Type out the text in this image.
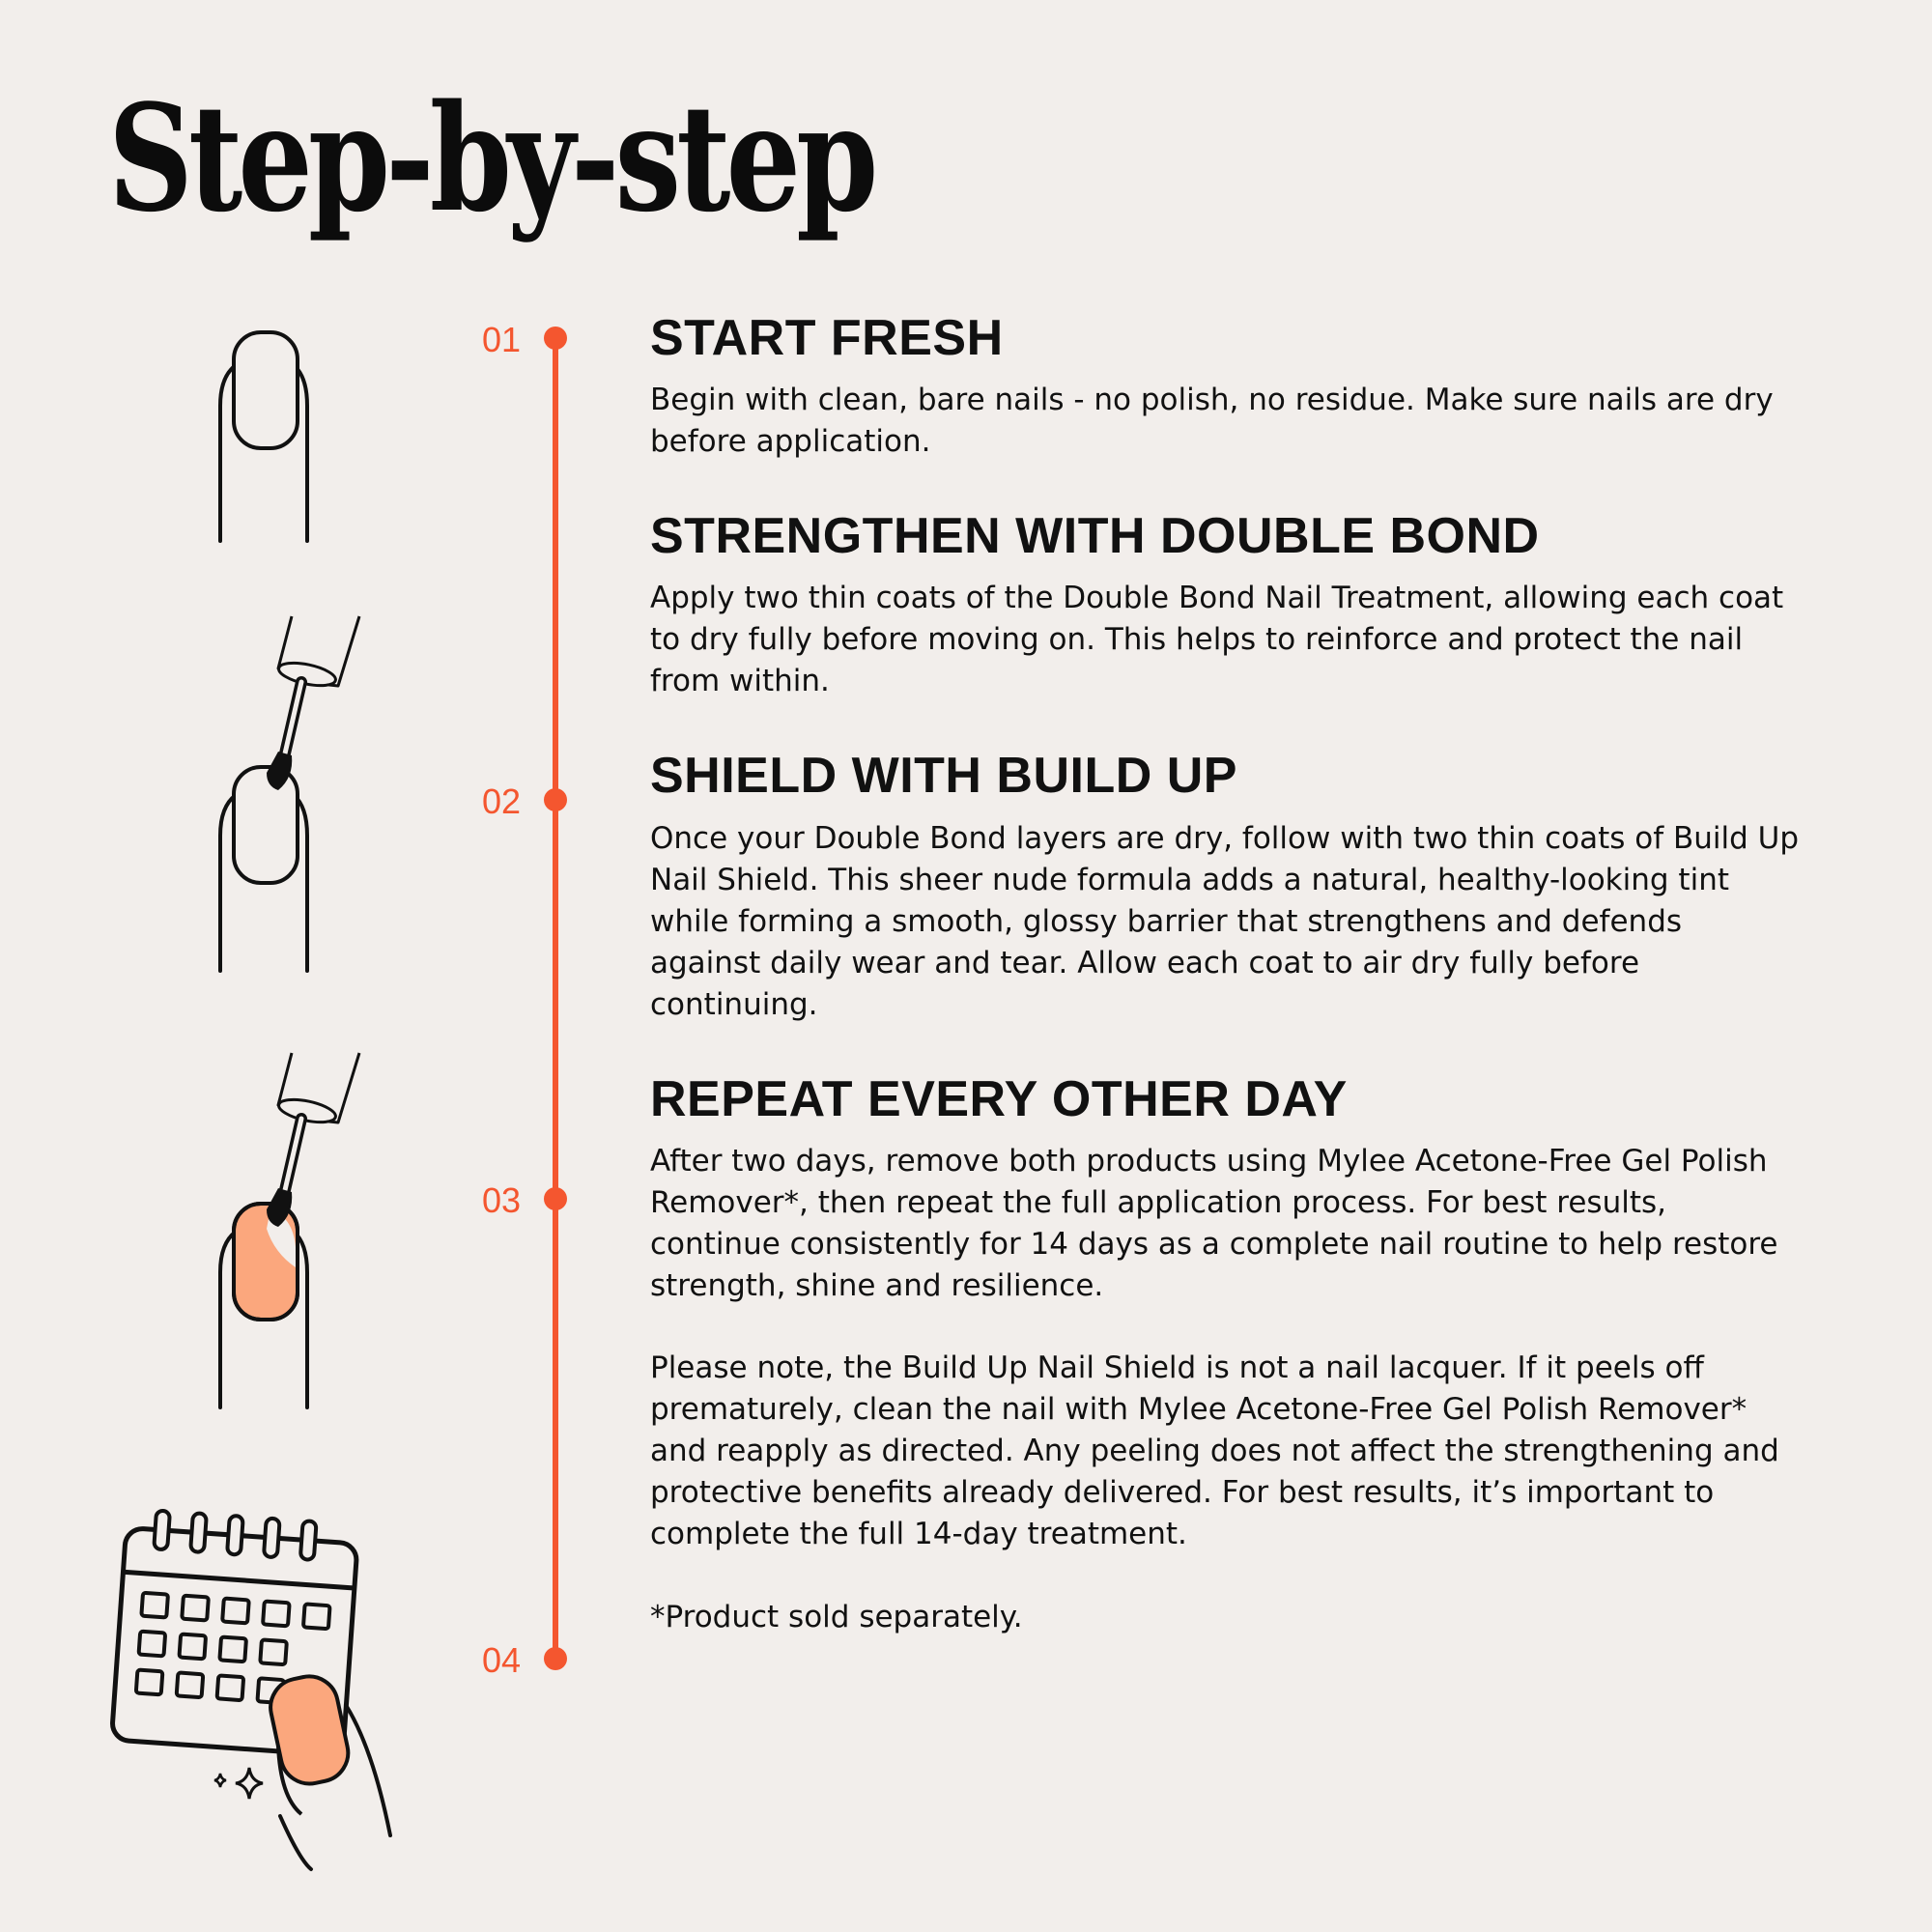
Step-by-step
01
02
03
04
START FRESH

Begin with clean, bare nails - no polish, no residue. Make sure nails are dry before application.

STRENGTHEN WITH DOUBLE BOND

Apply two thin coats of the Double Bond Nail Treatment, allowing each coat to dry fully before moving on. This helps to reinforce and protect the nail from within.

SHIELD WITH BUILD UP

Once your Double Bond layers are dry, follow with two thin coats of Build Up Nail Shield. This sheer nude formula adds a natural, healthy-looking tint while forming a smooth, glossy barrier that strengthens and defends against daily wear and tear. Allow each coat to air dry fully before continuing.

REPEAT EVERY OTHER DAY

After two days, remove both products using Mylee Acetone-Free Gel Polish Remover*, then repeat the full application process. For best results, continue consistently for 14 days as a complete nail routine to help restore strength, shine and resilience.

Please note, the Build Up Nail Shield is not a nail lacquer. If it peels off prematurely, clean the nail with Mylee Acetone-Free Gel Polish Remover* and reapply as directed. Any peeling does not affect the strengthening and protective benefits already delivered. For best results, it’s important to complete the full 14-day treatment.

*Product sold separately.
